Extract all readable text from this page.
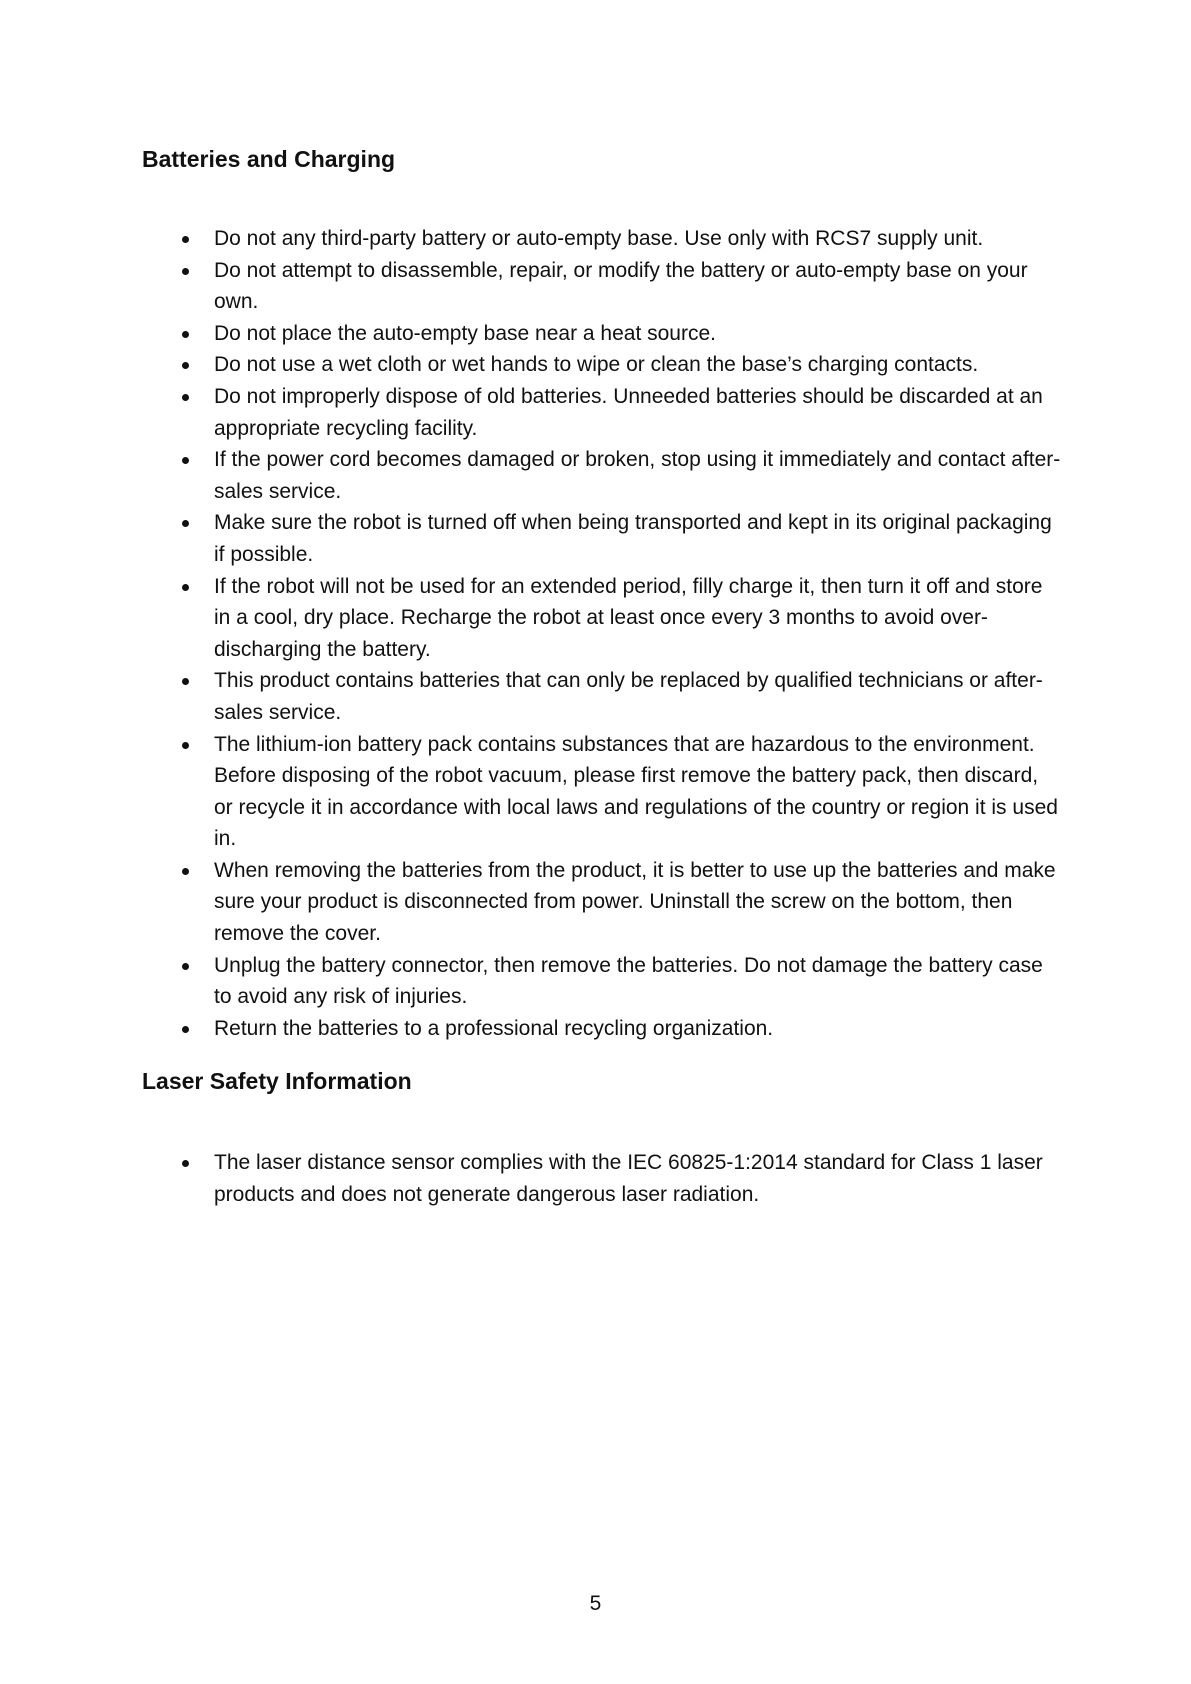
Batteries and Charging
Do not any third-party battery or auto-empty base. Use only with RCS7 supply unit.
Do not attempt to disassemble, repair, or modify the battery or auto-empty base on your own.
Do not place the auto-empty base near a heat source.
Do not use a wet cloth or wet hands to wipe or clean the base’s charging contacts.
Do not improperly dispose of old batteries. Unneeded batteries should be discarded at an appropriate recycling facility.
If the power cord becomes damaged or broken, stop using it immediately and contact after-sales service.
Make sure the robot is turned off when being transported and kept in its original packaging if possible.
If the robot will not be used for an extended period, filly charge it, then turn it off and store in a cool, dry place. Recharge the robot at least once every 3 months to avoid over-discharging the battery.
This product contains batteries that can only be replaced by qualified technicians or after-sales service.
The lithium-ion battery pack contains substances that are hazardous to the environment. Before disposing of the robot vacuum, please first remove the battery pack, then discard, or recycle it in accordance with local laws and regulations of the country or region it is used in.
When removing the batteries from the product, it is better to use up the batteries and make sure your product is disconnected from power. Uninstall the screw on the bottom, then remove the cover.
Unplug the battery connector, then remove the batteries. Do not damage the battery case to avoid any risk of injuries.
Return the batteries to a professional recycling organization.
Laser Safety Information
The laser distance sensor complies with the IEC 60825-1:2014 standard for Class 1 laser products and does not generate dangerous laser radiation.
5
